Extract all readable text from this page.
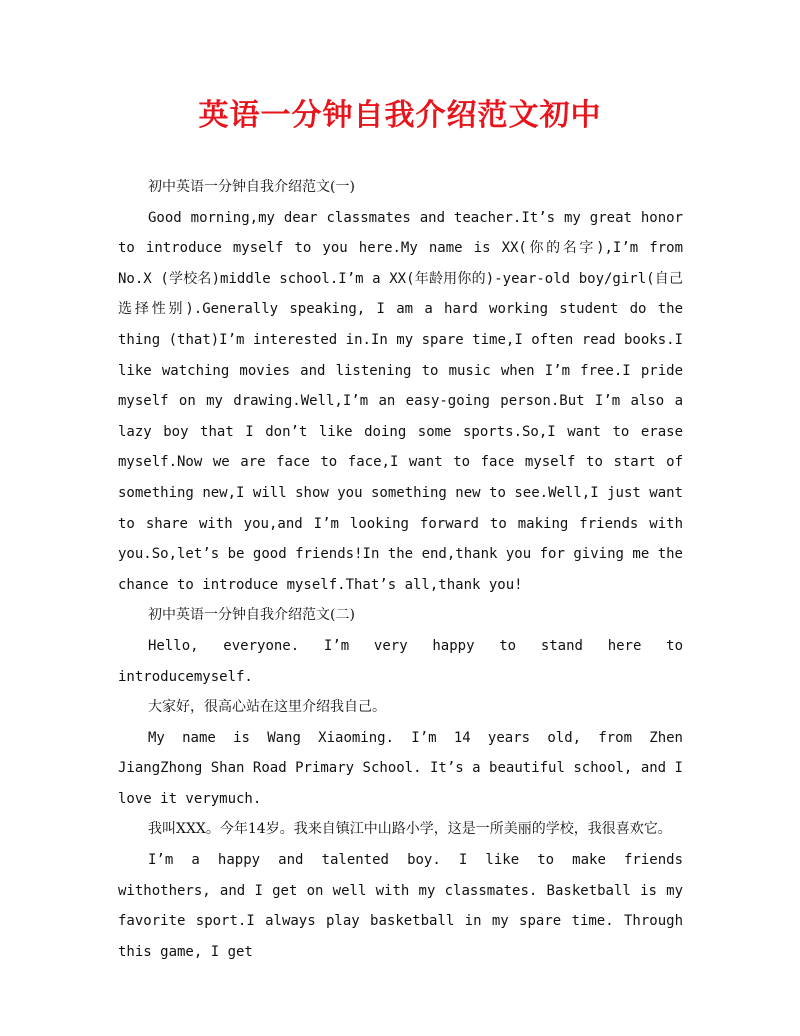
英语一分钟自我介绍范文初中

初中英语一分钟自我介绍范文(一)

Good morning,my dear classmates and teacher.It’s my great honor to introduce myself to you here.My name is XX(你的名字),I’m from No.X (学校名)middle school.I’m a XX(年龄用你的)-year-old boy/girl(自己选择性别).Generally speaking, I am a hard working student do the thing (that)I’m interested in.In my spare time,I often read books.I like watching movies and listening to music when I’m free.I pride myself on my drawing.Well,I’m an easy-going person.But I’m also a lazy boy that I don’t like doing some sports.So,I want to erase myself.Now we are face to face,I want to face myself to start of something new,I will show you something new to see.Well,I just want to share with you,and I’m looking forward to making friends with you.So,let’s be good friends!In the end,thank you for giving me the chance to introduce myself.That’s all,thank you!

初中英语一分钟自我介绍范文(二)

Hello, everyone. I’m very happy to stand here to introducemyself.

大家好，很高心站在这里介绍我自己。

My name is Wang Xiaoming. I’m 14 years old, from Zhen JiangZhong Shan Road Primary School. It’s a beautiful school, and I love it verymuch.

我叫XXX。今年14岁。我来自镇江中山路小学，这是一所美丽的学校，我很喜欢它。

I’m a happy and talented boy. I like to make friends withothers, and I get on well with my classmates. Basketball is my favorite sport.I always play basketball in my spare time. Through this game, I get
